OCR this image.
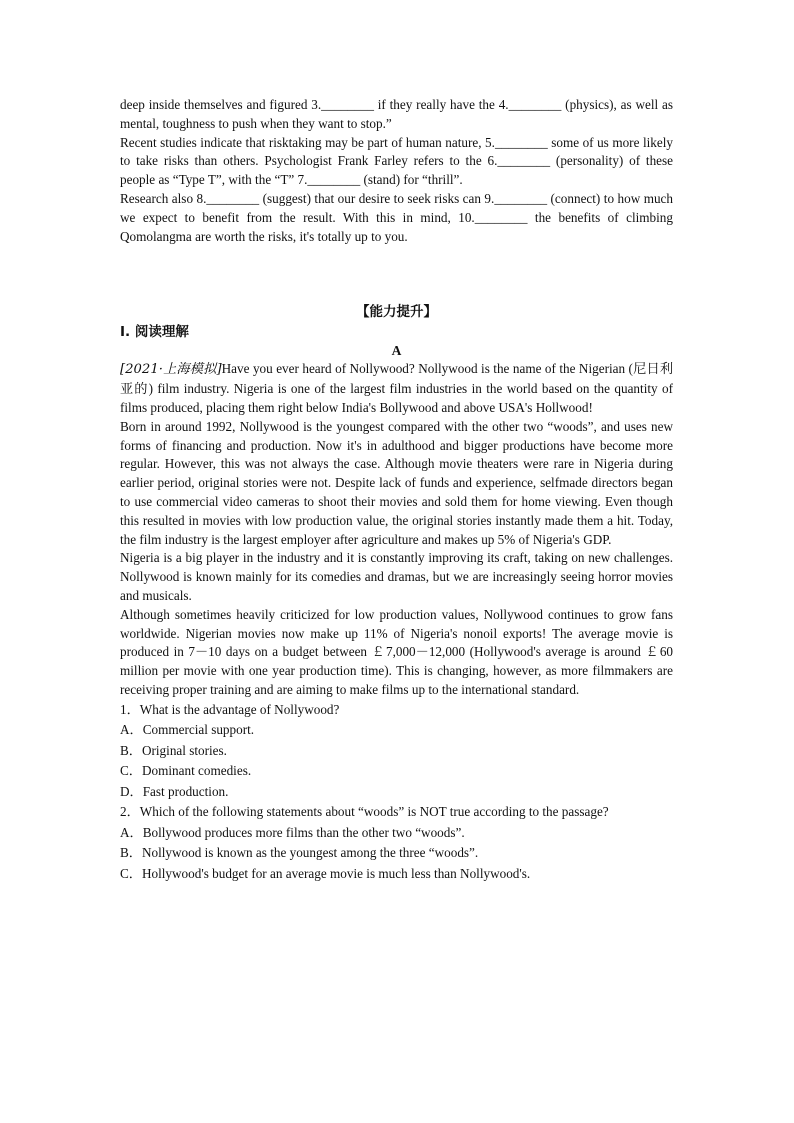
deep inside themselves and figured 3.________ if they really have the 4.________ (physics), as well as mental, toughness to push when they want to stop.”

Recent studies indicate that risktaking may be part of human nature, 5.________ some of us more likely to take risks than others. Psychologist Frank Farley refers to the 6.________ (personality) of these people as “Type T”, with the “T” 7.________ (stand) for “thrill”.

Research also 8.________ (suggest) that our desire to seek risks can 9.________ (connect) to how much we expect to benefit from the result. With this in mind, 10.________ the benefits of climbing Qomolangma are worth the risks, it's totally up to you.

【能力提升】

Ⅰ. 阅读理解

A

[2021·上海模拟]Have you ever heard of Nollywood? Nollywood is the name of the Nigerian (尼日利亚的) film industry. Nigeria is one of the largest film industries in the world based on the quantity of films produced, placing them right below India's Bollywood and above USA's Hollwood!

Born in around 1992, Nollywood is the youngest compared with the other two “woods”, and uses new forms of financing and production. Now it's in adulthood and bigger productions have become more regular. However, this was not always the case. Although movie theaters were rare in Nigeria during earlier period, original stories were not. Despite lack of funds and experience, selfmade directors began to use commercial video cameras to shoot their movies and sold them for home viewing. Even though this resulted in movies with low production value, the original stories instantly made them a hit. Today, the film industry is the largest employer after agriculture and makes up 5% of Nigeria's GDP.

Nigeria is a big player in the industry and it is constantly improving its craft, taking on new challenges. Nollywood is known mainly for its comedies and dramas, but we are increasingly seeing horror movies and musicals.

Although sometimes heavily criticized for low production values, Nollywood continues to grow fans worldwide. Nigerian movies now make up 11% of Nigeria's nonoil exports! The average movie is produced in 7－10 days on a budget between ￡7,000－12,000 (Hollywood's average is around ￡60 million per movie with one year production time). This is changing, however, as more filmmakers are receiving proper training and are aiming to make films up to the international standard.

1．What is the advantage of Nollywood?

A．Commercial support.

B．Original stories.

C．Dominant comedies.

D．Fast production.

2．Which of the following statements about “woods” is NOT true according to the passage?

A．Bollywood produces more films than the other two “woods”.

B．Nollywood is known as the youngest among the three “woods”.

C．Hollywood's budget for an average movie is much less than Nollywood's.
